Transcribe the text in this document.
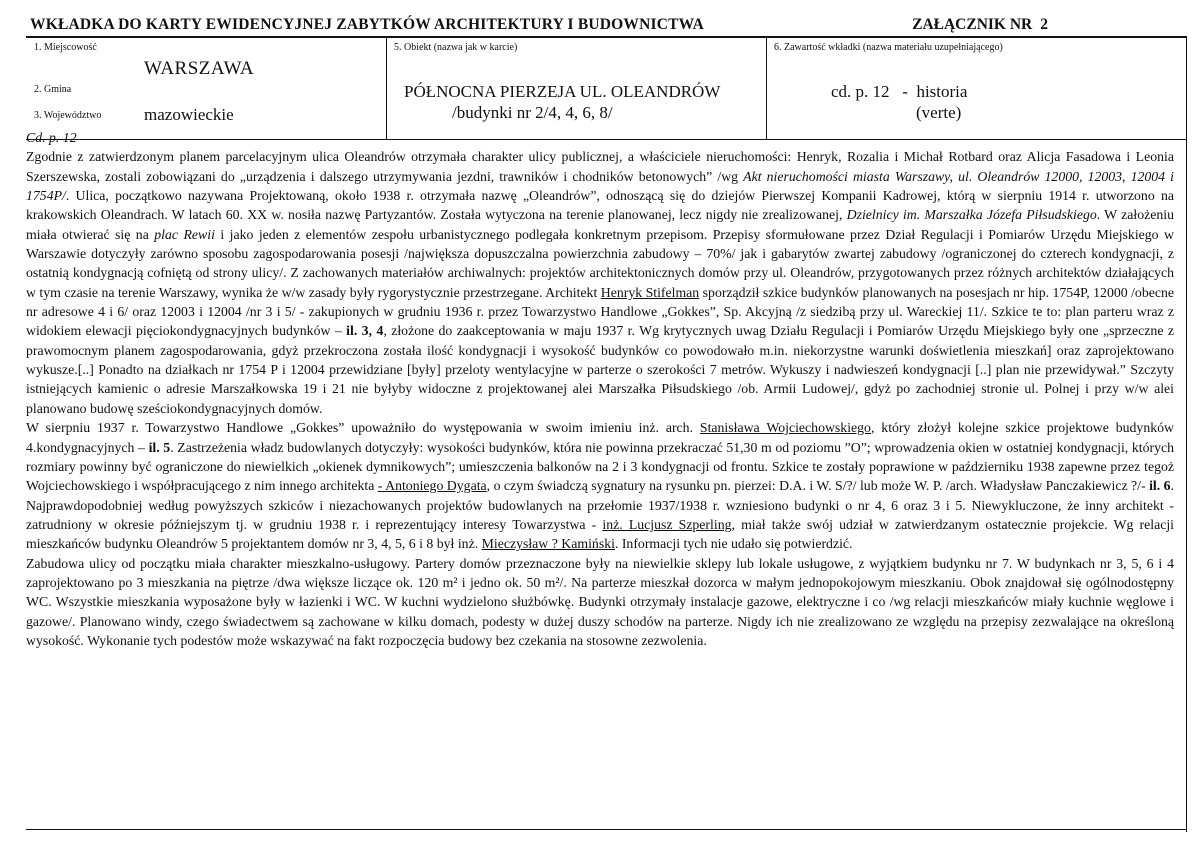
WKŁADKA DO KARTY EWIDENCYJNEJ ZABYTKÓW ARCHITEKTURY I BUDOWNICTWA	ZAŁĄCZNIK NR 2
1. Miejscowość
WARSZAWA
2. Gmina
3. Województwo	mazowieckie
5. Obiekt (nazwa jak w karcie)
PÓŁNOCNA PIERZEJA UL. OLEANDRÓW
/budynki nr 2/4, 4, 6, 8/
6. Zawartość wkładki (nazwa materiału uzupełniającego)
cd. p. 12   -  historia
(verte)

Cd. p. 12
Zgodnie z zatwierdzonym planem parcelacyjnym ulica Oleandrów otrzymała charakter ulicy publicznej, a właściciele nieruchomości: Henryk, Rozalia i Michał Rotbard oraz Alicja Fasadowa i Leonia Szerszewska, zostali zobowiązani do „urządzenia i dalszego utrzymywania jezdni, trawników i chodników betonowych” /wg Akt nieruchomości miasta Warszawy, ul. Oleandrów 12000, 12003, 12004 i 1754P/. Ulica, początkowo nazywana Projektowaną, około 1938 r. otrzymała nazwę „Oleandrów”, odnoszącą się do dziejów Pierwszej Kompanii Kadrowej, którą w sierpniu 1914 r. utworzono na krakowskich Oleandrach. W latach 60. XX w. nosiła nazwę Partyzantów. Została wytyczona na terenie planowanej, lecz nigdy nie zrealizowanej, Dzielnicy im. Marszałka Józefa Piłsudskiego. W założeniu miała otwierać się na plac Rewii i jako jeden z elementów zespołu urbanistycznego podlegała konkretnym przepisom. Przepisy sformułowane przez Dział Regulacji i Pomiarów Urzędu Miejskiego w Warszawie dotyczyły zarówno sposobu zagospodarowania posesji /największa dopuszczalna powierzchnia zabudowy – 70%/ jak i gabarytów zwartej zabudowy /ograniczonej do czterech kondygnacji, z ostatnią kondygnacją cofniętą od strony ulicy/. Z zachowanych materiałów archiwalnych: projektów architektonicznych domów przy ul. Oleandrów, przygotowanych przez różnych architektów działających w tym czasie na terenie Warszawy, wynika że w/w zasady były rygorystycznie przestrzegane. Architekt Henryk Stifelman sporządził szkice budynków planowanych na posesjach nr hip. 1754P, 12000 /obecne nr adresowe 4 i 6/ oraz 12003 i 12004 /nr 3 i 5/ - zakupionych w grudniu 1936 r. przez Towarzystwo Handlowe „Gokkes”, Sp. Akcyjną /z siedzibą przy ul. Wareckiej 11/. Szkice te to: plan parteru wraz z widokiem elewacji pięciokondygnacyjnych budynków – il. 3, 4, złożone do zaakceptowania w maju 1937 r. Wg krytycznych uwag Działu Regulacji i Pomiarów Urzędu Miejskiego były one „sprzeczne z prawomocnym planem zagospodarowania, gdyż przekroczona została ilość kondygnacji i wysokość budynków co powodowało m.in. niekorzystne warunki doświetlenia mieszkań] oraz zaprojektowano wykusze.[..] Ponadto na działkach nr 1754 P i 12004 przewidziane [były] przeloty wentylacyjne w parterze o szerokości 7 metrów. Wykuszy i nadwieszeń kondygnacji [..] plan nie przewidywał.” Szczyty istniejących kamienic o adresie Marszałkowska 19 i 21 nie byłyby widoczne z projektowanej alei Marszałka Piłsudskiego /ob. Armii Ludowej/, gdyż po zachodniej stronie ul. Polnej i przy w/w alei planowano budowę sześciokondygnacyjnych domów.

W sierpniu 1937 r. Towarzystwo Handlowe „Gokkes” upoważniło do występowania w swoim imieniu inż. arch. Stanisława Wojciechowskiego, który złożył kolejne szkice projektowe budynków 4.kondygnacyjnych – il. 5. Zastrzeżenia władz budowlanych dotyczyły: wysokości budynków, która nie powinna przekraczać 51,30 m od poziomu ”O”; wprowadzenia okien w ostatniej kondygnacji, których rozmiary powinny być ograniczone do niewielkich „okienek dymnikowych”; umieszczenia balkonów na 2 i 3 kondygnacji od frontu. Szkice te zostały poprawione w październiku 1938 zapewne przez tegoż Wojciechowskiego i współpracującego z nim innego architekta - Antoniego Dygata, o czym świadczą sygnatury na rysunku pn. pierzei: D.A. i W. S/?/ lub może W. P. /arch. Władysław Panczakiewicz ?/- il. 6. Najprawdopodobniej według powyższych szkiców i niezachowanych projektów budowlanych na przełomie 1937/1938 r. wzniesiono budynki o nr 4, 6 oraz 3 i 5. Niewykluczone, że inny architekt - zatrudniony w okresie późniejszym tj. w grudniu 1938 r. i reprezentujący interesy Towarzystwa - inż. Lucjusz Szperling, miał także swój udział w zatwierdzanym ostatecznie projekcie. Wg relacji mieszkańców budynku Oleandrów 5 projektantem domów nr 3, 4, 5, 6 i 8 był inż. Mieczysław ? Kamiński. Informacji tych nie udało się potwierdzić.

Zabudowa ulicy od początku miała charakter mieszkalno-usługowy. Partery domów przeznaczone były na niewielkie sklepy lub lokale usługowe, z wyjątkiem budynku nr 7. W budynkach nr 3, 5, 6 i 4 zaprojektowano po 3 mieszkania na piętrze /dwa większe liczące ok. 120 m² i jedno ok. 50 m²/. Na parterze mieszkał dozorca w małym jednopokojowym mieszkaniu. Obok znajdował się ogólnodostępny WC. Wszystkie mieszkania wyposażone były w łazienki i WC. W kuchni wydzielono służbówkę. Budynki otrzymały instalacje gazowe, elektryczne i co /wg relacji mieszkańców miały kuchnie węglowe i gazowe/. Planowano windy, czego świadectwem są zachowane w kilku domach, podesty w dużej duszy schodów na parterze. Nigdy ich nie zrealizowano ze względu na przepisy zezwalające na określoną wysokość. Wykonanie tych podestów może wskazywać na fakt rozpoczęcia budowy bez czekania na stosowne zezwolenia.
